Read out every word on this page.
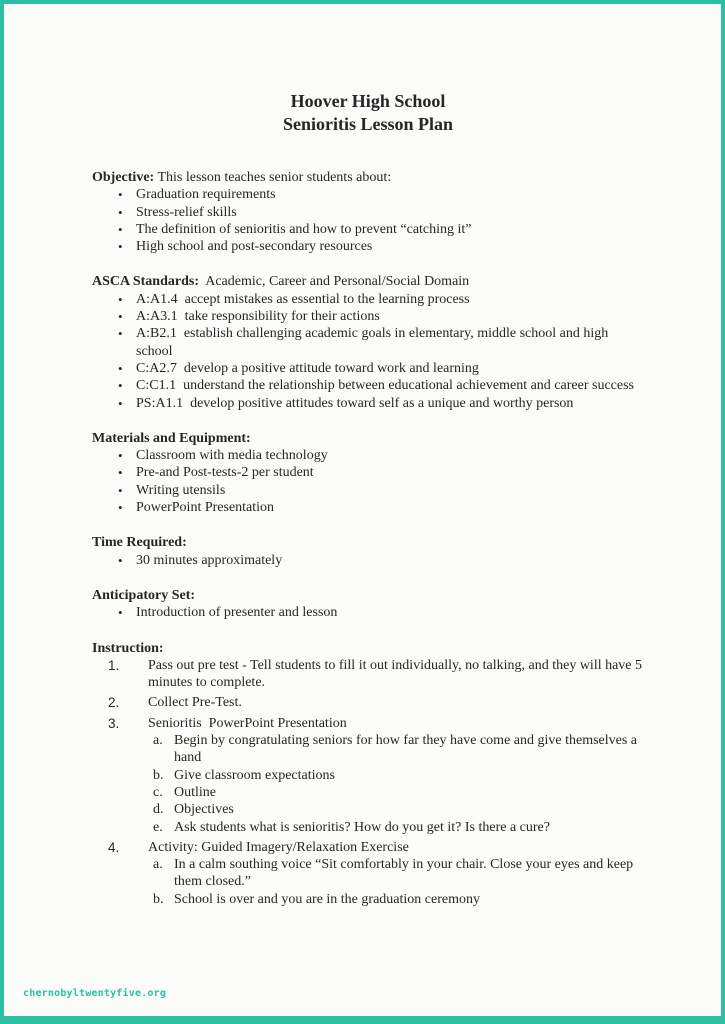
Hoover High School
Senioritis Lesson Plan
Objective: This lesson teaches senior students about:
• Graduation requirements
• Stress-relief skills
• The definition of senioritis and how to prevent “catching it”
• High school and post-secondary resources
ASCA Standards:  Academic, Career and Personal/Social Domain
• A:A1.4  accept mistakes as essential to the learning process
• A:A3.1  take responsibility for their actions
• A:B2.1  establish challenging academic goals in elementary, middle school and high school
• C:A2.7  develop a positive attitude toward work and learning
• C:C1.1  understand the relationship between educational achievement and career success
• PS:A1.1  develop positive attitudes toward self as a unique and worthy person
Materials and Equipment:
• Classroom with media technology
• Pre-and Post-tests-2 per student
• Writing utensils
• PowerPoint Presentation
Time Required:
• 30 minutes approximately
Anticipatory Set:
• Introduction of presenter and lesson
Instruction:
1.	Pass out pre test - Tell students to fill it out individually, no talking, and they will have 5 minutes to complete.
2.	Collect Pre-Test.
3.	Senioritis  PowerPoint Presentation
a. Begin by congratulating seniors for how far they have come and give themselves a hand
b. Give classroom expectations
c. Outline
d. Objectives
e. Ask students what is senioritis? How do you get it? Is there a cure?
4.	Activity: Guided Imagery/Relaxation Exercise
a. In a calm southing voice “Sit comfortably in your chair. Close your eyes and keep them closed.”
b. School is over and you are in the graduation ceremony
chernobyltwentyfive.org
